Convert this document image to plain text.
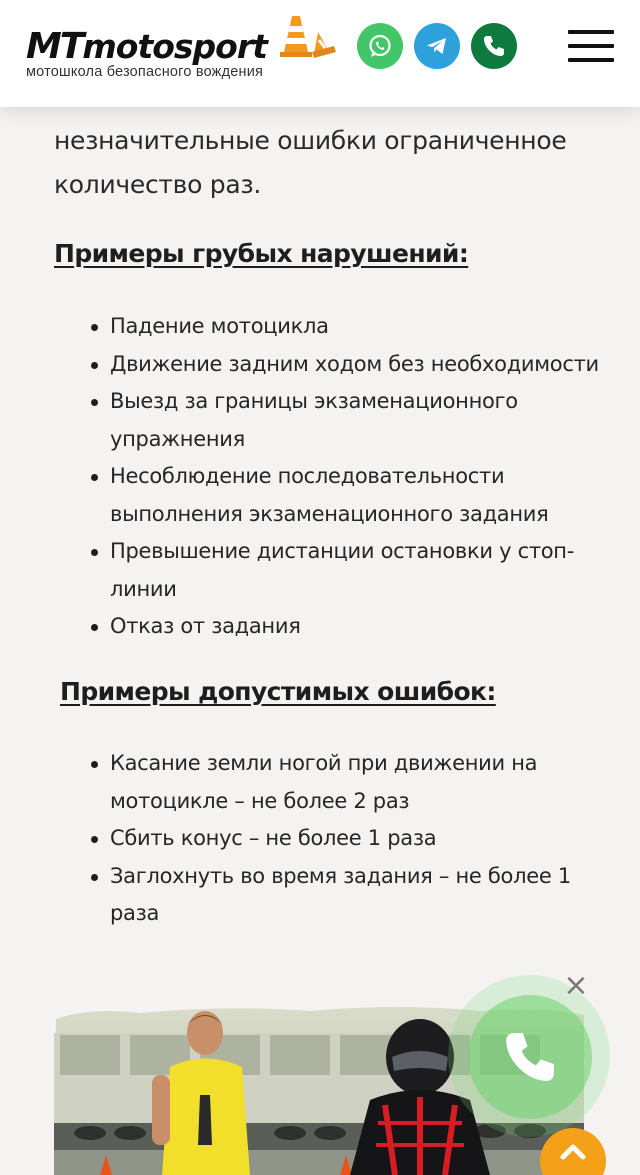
MTmotosport
мотошкола безопасного вождения

незначительные ошибки ограниченное количество раз.

Примеры грубых нарушений:
Падение мотоцикла
Движение задним ходом без необходимости
Выезд за границы экзаменационного упражнения
Несоблюдение последовательности выполнения экзаменационного задания
Превышение дистанции остановки у стоп-линии
Отказ от задания
Примеры допустимых ошибок:
Касание земли ногой при движении на мотоцикле – не более 2 раз
Сбить конус – не более 1 раза
Заглохнуть во время задания – не более 1 раза
×
